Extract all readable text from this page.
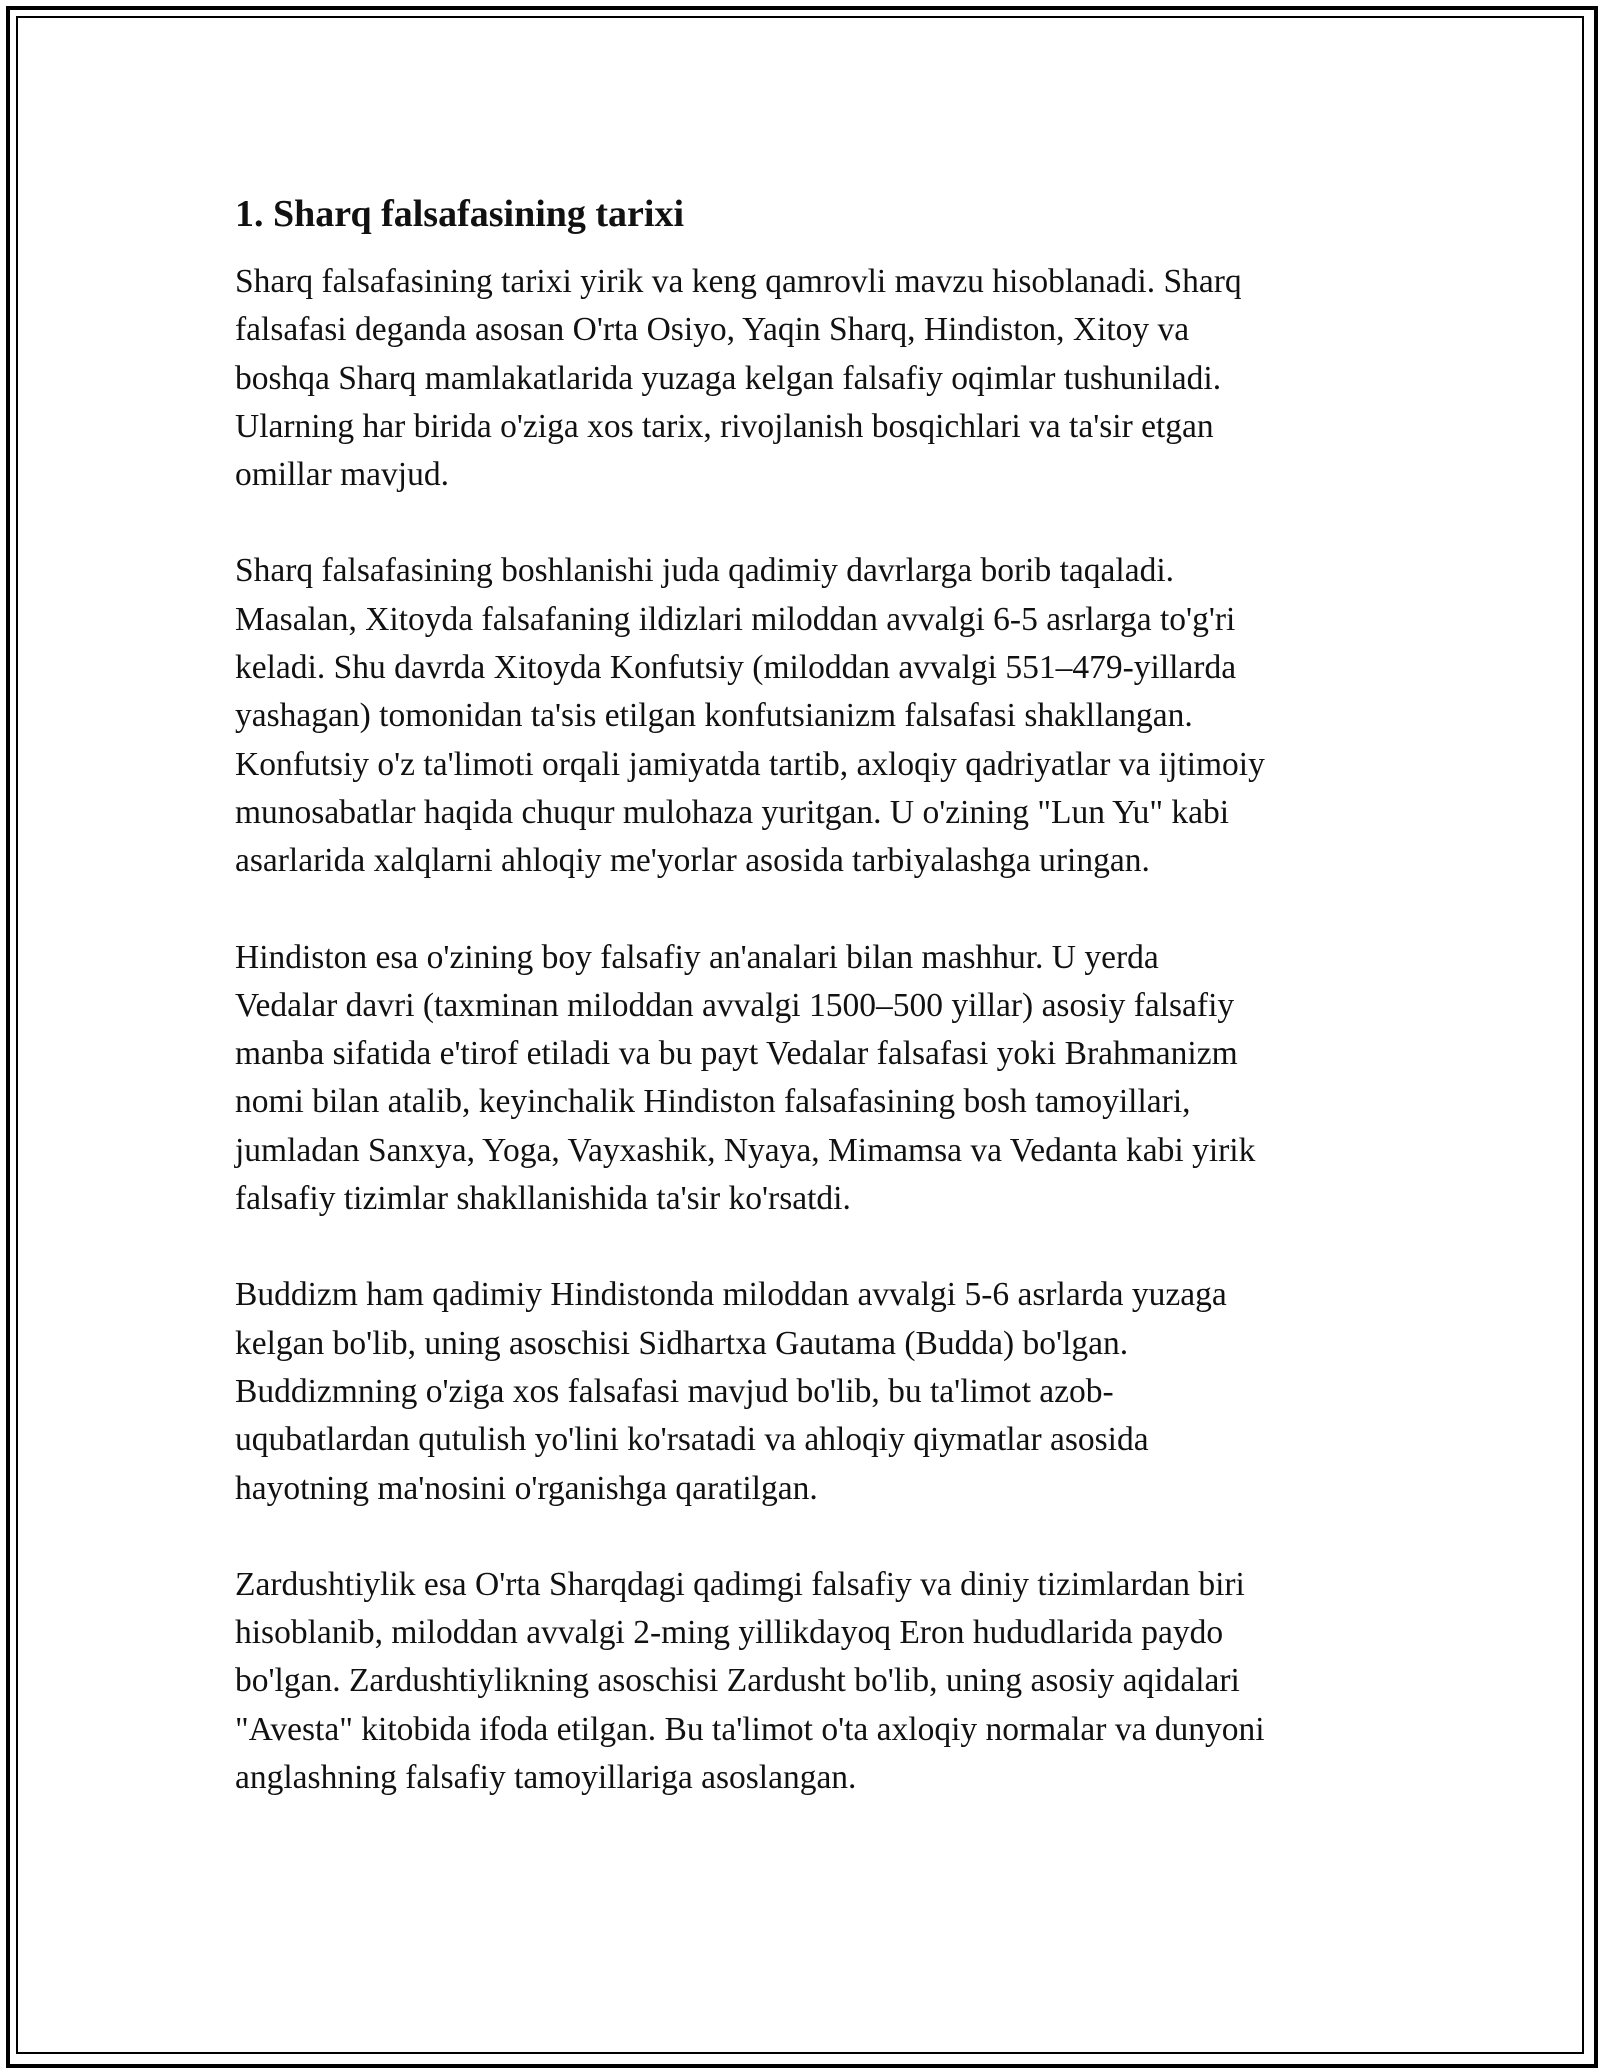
1. Sharq falsafasining tarixi

Sharq falsafasining tarixi yirik va keng qamrovli mavzu hisoblanadi. Sharq
falsafasi deganda asosan O'rta Osiyo, Yaqin Sharq, Hindiston, Xitoy va
boshqa Sharq mamlakatlarida yuzaga kelgan falsafiy oqimlar tushuniladi.
Ularning har birida o'ziga xos tarix, rivojlanish bosqichlari va ta'sir etgan
omillar mavjud.

Sharq falsafasining boshlanishi juda qadimiy davrlarga borib taqaladi.
Masalan, Xitoyda falsafaning ildizlari miloddan avvalgi 6-5 asrlarga to'g'ri
keladi. Shu davrda Xitoyda Konfutsiy (miloddan avvalgi 551–479-yillarda
yashagan) tomonidan ta'sis etilgan konfutsianizm falsafasi shakllangan.
Konfutsiy o'z ta'limoti orqali jamiyatda tartib, axloqiy qadriyatlar va ijtimoiy
munosabatlar haqida chuqur mulohaza yuritgan. U o'zining "Lun Yu" kabi
asarlarida xalqlarni ahloqiy me'yorlar asosida tarbiyalashga uringan.

Hindiston esa o'zining boy falsafiy an'analari bilan mashhur. U yerda
Vedalar davri (taxminan miloddan avvalgi 1500–500 yillar) asosiy falsafiy
manba sifatida e'tirof etiladi va bu payt Vedalar falsafasi yoki Brahmanizm
nomi bilan atalib, keyinchalik Hindiston falsafasining bosh tamoyillari,
jumladan Sanxya, Yoga, Vayxashik, Nyaya, Mimamsa va Vedanta kabi yirik
falsafiy tizimlar shakllanishida ta'sir ko'rsatdi.

Buddizm ham qadimiy Hindistonda miloddan avvalgi 5-6 asrlarda yuzaga
kelgan bo'lib, uning asoschisi Sidhartxa Gautama (Budda) bo'lgan.
Buddizmning o'ziga xos falsafasi mavjud bo'lib, bu ta'limot azob-
uqubatlardan qutulish yo'lini ko'rsatadi va ahloqiy qiymatlar asosida
hayotning ma'nosini o'rganishga qaratilgan.

Zardushtiylik esa O'rta Sharqdagi qadimgi falsafiy va diniy tizimlardan biri
hisoblanib, miloddan avvalgi 2-ming yillikdayoq Eron hududlarida paydo
bo'lgan. Zardushtiylikning asoschisi Zardusht bo'lib, uning asosiy aqidalari
"Avesta" kitobida ifoda etilgan. Bu ta'limot o'ta axloqiy normalar va dunyoni
anglashning falsafiy tamoyillariga asoslangan.
